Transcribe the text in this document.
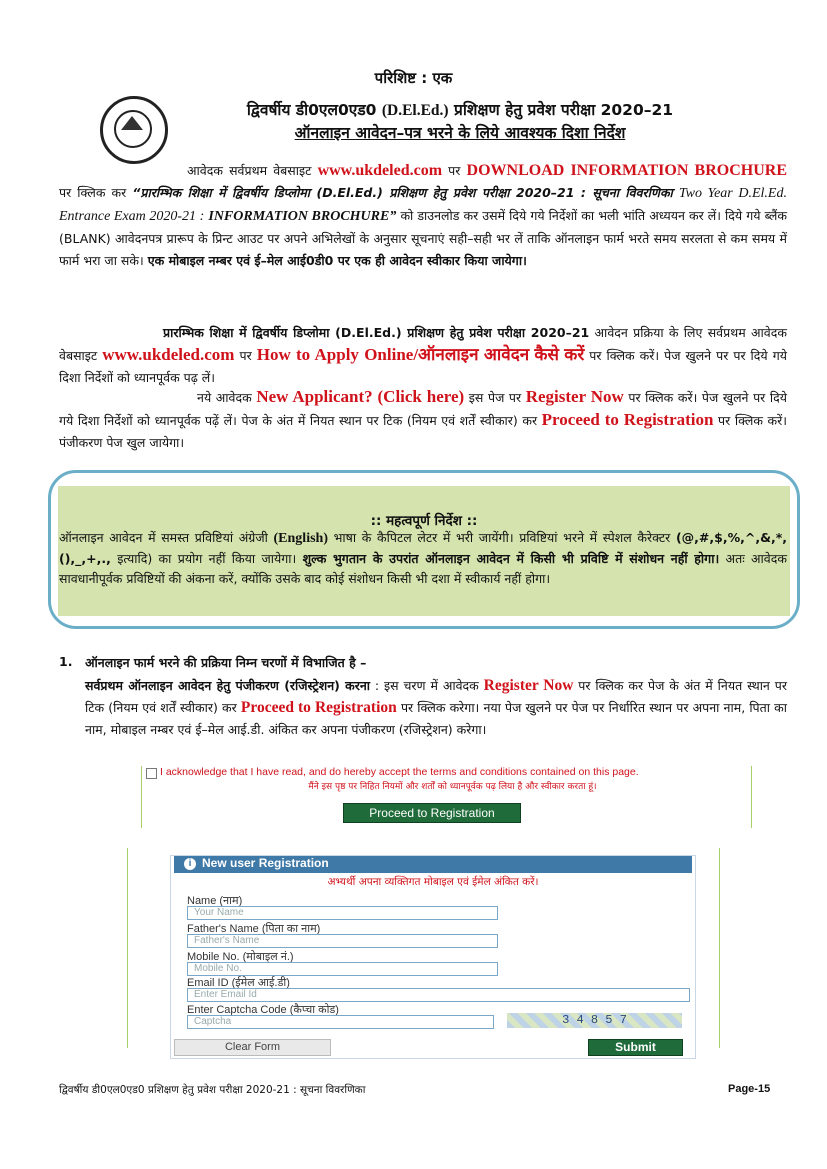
परिशिष्ट : एक
द्विवर्षीय डी0एल0एड0 (D.El.Ed.) प्रशिक्षण हेतु प्रवेश परीक्षा 2020–21
ऑनलाइन आवेदन–पत्र भरने के लिये आवश्यक दिशा निर्देश
आवेदक सर्वप्रथम वेबसाइट www.ukdeled.com पर DOWNLOAD INFORMATION BROCHURE पर क्लिक कर “प्रारम्भिक शिक्षा में द्विवर्षीय डिप्लोमा (D.El.Ed.) प्रशिक्षण हेतु प्रवेश परीक्षा 2020–21 : सूचना विवरणिका Two Year D.El.Ed. Entrance Exam 2020-21 : INFORMATION BROCHURE” को डाउनलोड कर उसमें दिये गये निर्देशों का भली भांति अध्ययन कर लें। दिये गये ब्लैंक (BLANK) आवेदनपत्र प्रारूप के प्रिन्ट आउट पर अपने अभिलेखों के अनुसार सूचनाएं सही–सही भर लें ताकि ऑनलाइन फार्म भरते समय सरलता से कम समय में फार्म भरा जा सके। एक मोबाइल नम्बर एवं ई–मेल आई0डी0 पर एक ही आवेदन स्वीकार किया जायेगा।
प्रारम्भिक शिक्षा में द्विवर्षीय डिप्लोमा (D.El.Ed.) प्रशिक्षण हेतु प्रवेश परीक्षा 2020–21 आवेदन प्रक्रिया के लिए सर्वप्रथम आवेदक वेबसाइट www.ukdeled.com पर How to Apply Online/ऑनलाइन आवेदन कैसे करें पर क्लिक करें। पेज खुलने पर पर दिये गये दिशा निर्देशों को ध्यानपूर्वक पढ़ लें।
नये आवेदक New Applicant? (Click here) इस पेज पर Register Now पर क्लिक करें। पेज खुलने पर दिये गये दिशा निर्देशों को ध्यानपूर्वक पढ़ें लें। पेज के अंत में नियत स्थान पर टिक (नियम एवं शर्तें स्वीकार) कर Proceed to Registration पर क्लिक करें। पंजीकरण पेज खुल जायेगा।
:: महत्वपूर्ण निर्देश ::
ऑनलाइन आवेदन में समस्त प्रविष्टियां अंग्रेजी (English) भाषा के कैपिटल लेटर में भरी जायेंगी। प्रविष्टियां भरने में स्पेशल कैरेक्टर (@,#,$,%,^,&,*,(),_,+,., इत्यादि) का प्रयोग नहीं किया जायेगा। शुल्क भुगतान के उपरांत ऑनलाइन आवेदन में किसी भी प्रविष्टि में संशोधन नहीं होगा। अतः आवेदक सावधानीपूर्वक प्रविष्टियों की अंकना करें, क्योंकि उसके बाद कोई संशोधन किसी भी दशा में स्वीकार्य नहीं होगा।
1. ऑनलाइन फार्म भरने की प्रक्रिया निम्न चरणों में विभाजित है –
सर्वप्रथम ऑनलाइन आवेदन हेतु पंजीकरण (रजिस्ट्रेशन) करना : इस चरण में आवेदक Register Now पर क्लिक कर पेज के अंत में नियत स्थान पर टिक (नियम एवं शर्तें स्वीकार) कर Proceed to Registration पर क्लिक करेगा। नया पेज खुलने पर पेज पर निर्धारित स्थान पर अपना नाम, पिता का नाम, मोबाइल नम्बर एवं ई–मेल आई.डी. अंकित कर अपना पंजीकरण (रजिस्ट्रेशन) करेगा।
I acknowledge that I have read, and do hereby accept the terms and conditions contained on this page.
मैंने इस पृष्ठ पर निहित नियमों और शर्तों को ध्यानपूर्वक पढ़ लिया है और स्वीकार करता हूं।
Proceed to Registration
i New user Registration
अभ्यर्थी अपना व्यक्तिगत मोबाइल एवं ईमेल अंकित करें।
Name (नाम)
Your Name
Father's Name (पिता का नाम)
Father's Name
Mobile No. (मोबाइल नं.)
Mobile No.
Email ID (ईमेल आई.डी)
Enter Email Id
Enter Captcha Code (कैप्चा कोड)
Captcha	3 4 8 5 7
Clear Form	Submit
द्विवर्षीय डी0एल0एड0 प्रशिक्षण हेतु प्रवेश परीक्षा 2020-21 : सूचना विवरणिका	Page-15
